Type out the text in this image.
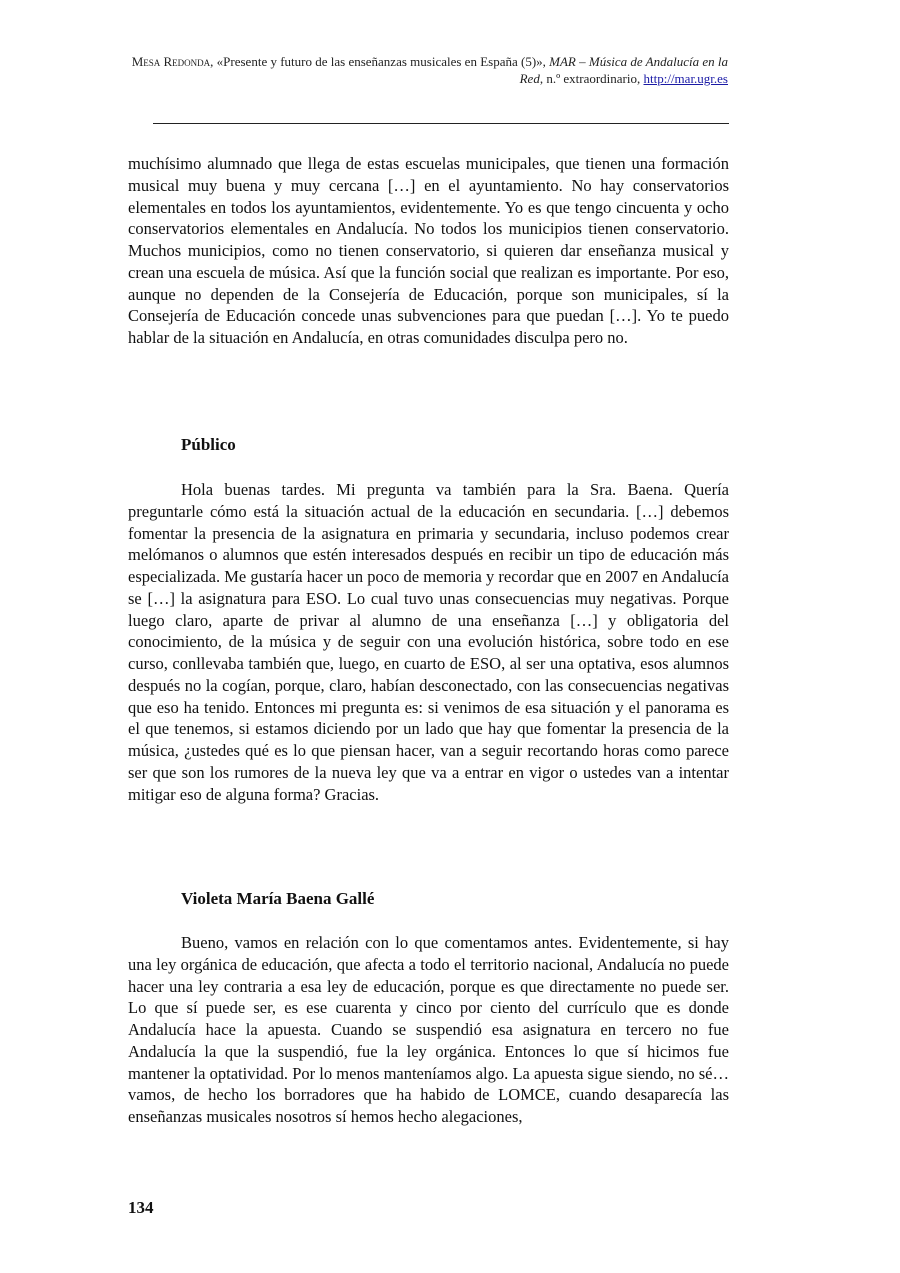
Mesa Redonda, «Presente y futuro de las enseñanzas musicales en España (5)», MAR – Música de Andalucía en la Red, n.º extraordinario, http://mar.ugr.es
muchísimo alumnado que llega de estas escuelas municipales, que tienen una formación musical muy buena y muy cercana […] en el ayuntamiento. No hay conservatorios elementales en todos los ayuntamientos, evidentemente. Yo es que tengo cincuenta y ocho conservatorios elementales en Andalucía. No todos los municipios tienen conservatorio. Muchos municipios, como no tienen conservatorio, si quieren dar enseñanza musical y crean una escuela de música. Así que la función social que realizan es importante. Por eso, aunque no dependen de la Consejería de Educación, porque son municipales, sí la Consejería de Educación concede unas subvenciones para que puedan […]. Yo te puedo hablar de la situación en Andalucía, en otras comunidades disculpa pero no.
Público
Hola buenas tardes. Mi pregunta va también para la Sra. Baena. Quería preguntarle cómo está la situación actual de la educación en secundaria. […] debemos fomentar la presencia de la asignatura en primaria y secundaria, incluso podemos crear melómanos o alumnos que estén interesados después en recibir un tipo de educación más especializada. Me gustaría hacer un poco de memoria y recordar que en 2007 en Andalucía se […] la asignatura para ESO. Lo cual tuvo unas consecuencias muy negativas. Porque luego claro, aparte de privar al alumno de una enseñanza […] y obligatoria del conocimiento, de la música y de seguir con una evolución histórica, sobre todo en ese curso, conllevaba también que, luego, en cuarto de ESO, al ser una optativa, esos alumnos después no la cogían, porque, claro, habían desconectado, con las consecuencias negativas que eso ha tenido. Entonces mi pregunta es: si venimos de esa situación y el panorama es el que tenemos, si estamos diciendo por un lado que hay que fomentar la presencia de la música, ¿ustedes qué es lo que piensan hacer, van a seguir recortando horas como parece ser que son los rumores de la nueva ley que va a entrar en vigor o ustedes van a intentar mitigar eso de alguna forma? Gracias.
Violeta María Baena Gallé
Bueno, vamos en relación con lo que comentamos antes. Evidentemente, si hay una ley orgánica de educación, que afecta a todo el territorio nacional, Andalucía no puede hacer una ley contraria a esa ley de educación, porque es que directamente no puede ser. Lo que sí puede ser, es ese cuarenta y cinco por ciento del currículo que es donde Andalucía hace la apuesta. Cuando se suspendió esa asignatura en tercero no fue Andalucía la que la suspendió, fue la ley orgánica. Entonces lo que sí hicimos fue mantener la optatividad. Por lo menos manteníamos algo. La apuesta sigue siendo, no sé… vamos, de hecho los borradores que ha habido de LOMCE, cuando desaparecía las enseñanzas musicales nosotros sí hemos hecho alegaciones,
134
